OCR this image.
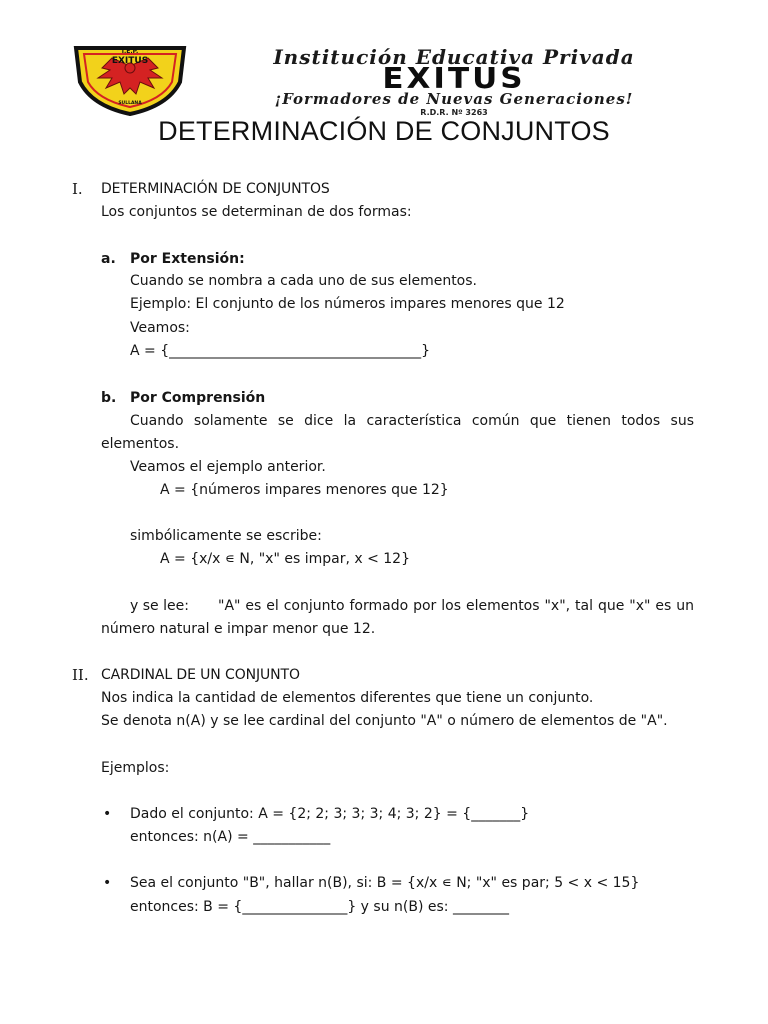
I.E.P.
EXITUS
SULLANA
Institución Educativa Privada
EXITUS
¡Formadores de Nuevas Generaciones!
R.D.R. Nº 3263
DETERMINACIÓN DE CONJUNTOS
I. DETERMINACIÓN DE CONJUNTOS
Los conjuntos se determinan de dos formas:
a. Por Extensión:
Cuando se nombra a cada uno de sus elementos.
Ejemplo: El conjunto de los números impares menores que 12
Veamos:
A = {____________________________________}
b. Por Comprensión
Cuando solamente se dice la característica común que tienen todos sus
elementos.
Veamos el ejemplo anterior.
A = {números impares menores que 12}
simbólicamente se escribe:
A = {x/x ∊ N, "x" es impar, x < 12}
y se lee: "A" es el conjunto formado por los elementos "x", tal que "x" es un
número natural e impar menor que 12.
II. CARDINAL DE UN CONJUNTO
Nos indica la cantidad de elementos diferentes que tiene un conjunto.
Se denota n(A) y se lee cardinal del conjunto "A" o número de elementos de "A".
Ejemplos:
• Dado el conjunto: A = {2; 2; 3; 3; 3; 4; 3; 2} = {_______}
entonces: n(A) = ___________
• Sea el conjunto "B", hallar n(B), si: B = {x/x ∊ N; "x" es par; 5 < x < 15}
entonces: B = {_______________} y su n(B) es: ________
